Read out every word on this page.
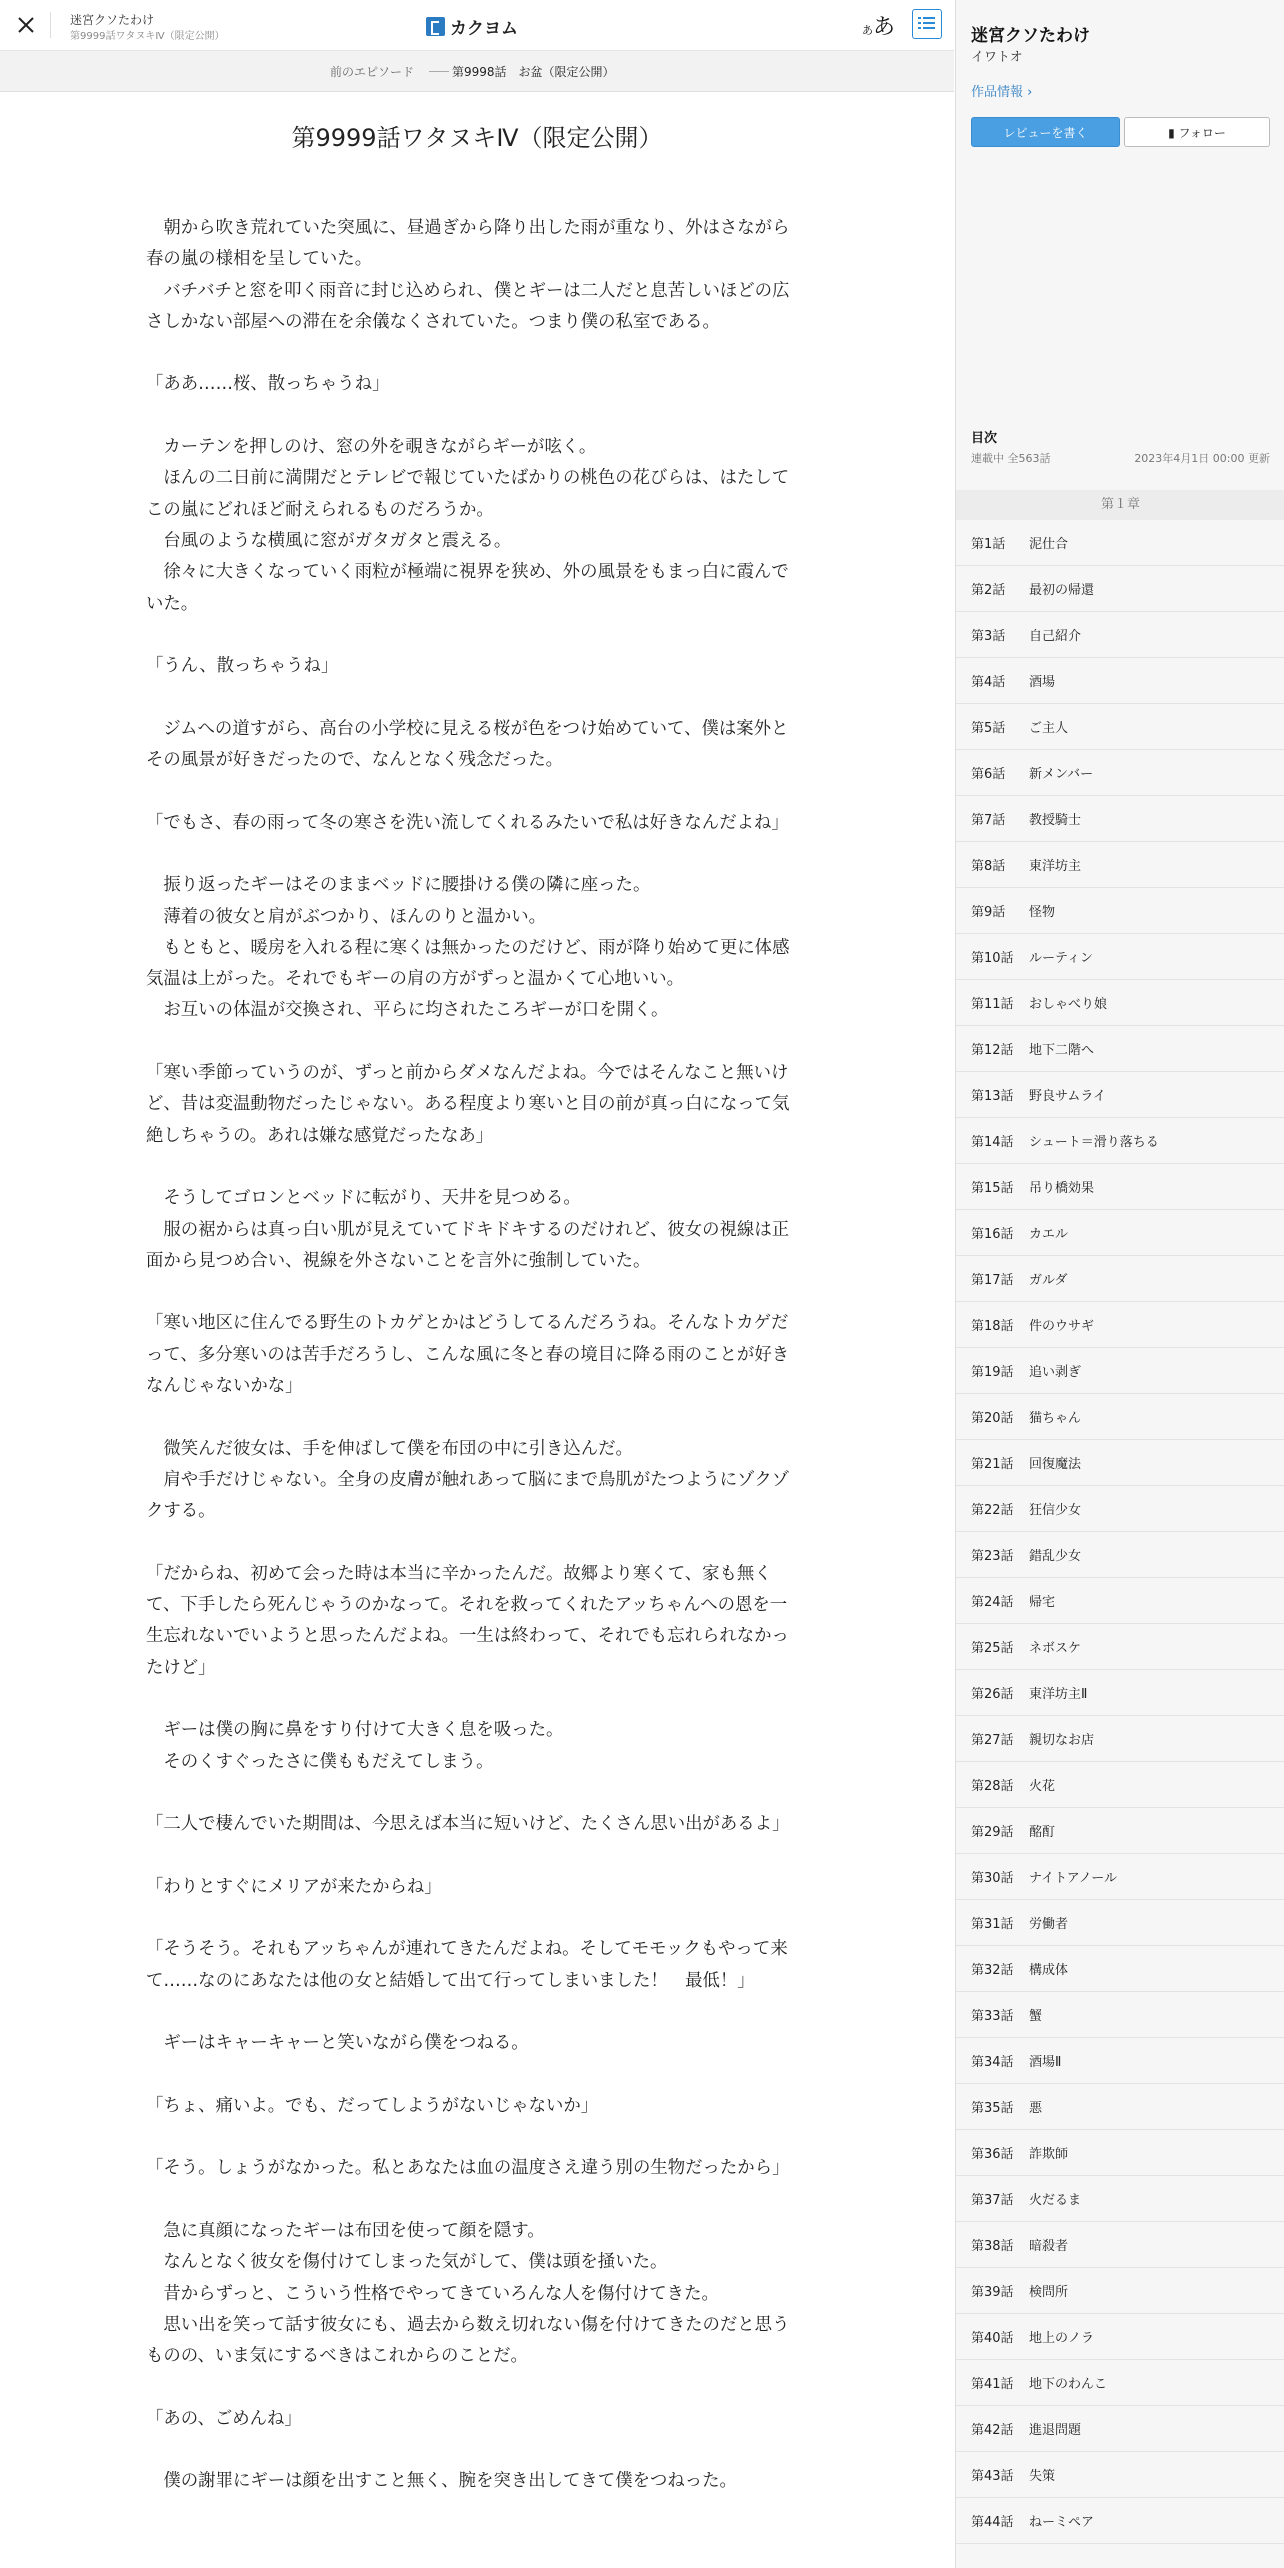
迷宮クソたわけ
第9999話ワタヌキⅣ（限定公開）	カクヨム	ああ
前のエピソード	第9998話　お盆（限定公開）
第9999話ワタヌキⅣ（限定公開）

　朝から吹き荒れていた突風に、昼過ぎから降り出した雨が重なり、外はさながら春の嵐の様相を呈していた。

　バチバチと窓を叩く雨音に封じ込められ、僕とギーは二人だと息苦しいほどの広さしかない部屋への滞在を余儀なくされていた。つまり僕の私室である。

「ああ……桜、散っちゃうね」

　カーテンを押しのけ、窓の外を覗きながらギーが呟く。

　ほんの二日前に満開だとテレビで報じていたばかりの桃色の花びらは、はたしてこの嵐にどれほど耐えられるものだろうか。

　台風のような横風に窓がガタガタと震える。

　徐々に大きくなっていく雨粒が極端に視界を狭め、外の風景をもまっ白に霞んでいた。

「うん、散っちゃうね」

　ジムへの道すがら、高台の小学校に見える桜が色をつけ始めていて、僕は案外とその風景が好きだったので、なんとなく残念だった。

「でもさ、春の雨って冬の寒さを洗い流してくれるみたいで私は好きなんだよね」

　振り返ったギーはそのままベッドに腰掛ける僕の隣に座った。

　薄着の彼女と肩がぶつかり、ほんのりと温かい。

　もともと、暖房を入れる程に寒くは無かったのだけど、雨が降り始めて更に体感気温は上がった。それでもギーの肩の方がずっと温かくて心地いい。

　お互いの体温が交換され、平らに均されたころギーが口を開く。

「寒い季節っていうのが、ずっと前からダメなんだよね。今ではそんなこと無いけど、昔は変温動物だったじゃない。ある程度より寒いと目の前が真っ白になって気絶しちゃうの。あれは嫌な感覚だったなあ」

　そうしてゴロンとベッドに転がり、天井を見つめる。

　服の裾からは真っ白い肌が見えていてドキドキするのだけれど、彼女の視線は正面から見つめ合い、視線を外さないことを言外に強制していた。

「寒い地区に住んでる野生のトカゲとかはどうしてるんだろうね。そんなトカゲだって、多分寒いのは苦手だろうし、こんな風に冬と春の境目に降る雨のことが好きなんじゃないかな」

　微笑んだ彼女は、手を伸ばして僕を布団の中に引き込んだ。

　肩や手だけじゃない。全身の皮膚が触れあって脳にまで鳥肌がたつようにゾクゾクする。

「だからね、初めて会った時は本当に辛かったんだ。故郷より寒くて、家も無くて、下手したら死んじゃうのかなって。それを救ってくれたアッちゃんへの恩を一生忘れないでいようと思ったんだよね。一生は終わって、それでも忘れられなかったけど」

　ギーは僕の胸に鼻をすり付けて大きく息を吸った。

　そのくすぐったさに僕ももだえてしまう。

「二人で棲んでいた期間は、今思えば本当に短いけど、たくさん思い出があるよ」

「わりとすぐにメリアが来たからね」

「そうそう。それもアッちゃんが連れてきたんだよね。そしてモモックもやって来て……なのにあなたは他の女と結婚して出て行ってしまいました！　最低！」

　ギーはキャーキャーと笑いながら僕をつねる。

「ちょ、痛いよ。でも、だってしようがないじゃないか」

「そう。しょうがなかった。私とあなたは血の温度さえ違う別の生物だったから」

　急に真顔になったギーは布団を使って顔を隠す。

　なんとなく彼女を傷付けてしまった気がして、僕は頭を掻いた。

　昔からずっと、こういう性格でやってきていろんな人を傷付けてきた。

　思い出を笑って話す彼女にも、過去から数え切れない傷を付けてきたのだと思うものの、いま気にするべきはこれからのことだ。

「あの、ごめんね」

　僕の謝罪にギーは顔を出すこと無く、腕を突き出してきて僕をつねった。

迷宮クソたわけ
イワトオ
作品情報 ›
レビューを書く	▮ フォロー
目次
連載中 全563話	2023年4月1日 00:00 更新
第１章
第1話	泥仕合
第2話	最初の帰還
第3話	自己紹介
第4話	酒場
第5話	ご主人
第6話	新メンバー
第7話	教授騎士
第8話	東洋坊主
第9話	怪物
第10話	ルーティン
第11話	おしゃべり娘
第12話	地下二階へ
第13話	野良サムライ
第14話	シュート＝滑り落ちる
第15話	吊り橋効果
第16話	カエル
第17話	ガルダ
第18話	件のウサギ
第19話	追い剥ぎ
第20話	猫ちゃん
第21話	回復魔法
第22話	狂信少女
第23話	錯乱少女
第24話	帰宅
第25話	ネボスケ
第26話	東洋坊主Ⅱ
第27話	親切なお店
第28話	火花
第29話	酩酊
第30話	ナイトアノール
第31話	労働者
第32話	構成体
第33話	蟹
第34話	酒場Ⅱ
第35話	悪
第36話	詐欺師
第37話	火だるま
第38話	暗殺者
第39話	検問所
第40話	地上のノラ
第41話	地下のわんこ
第42話	進退問題
第43話	失策
第44話	ねーミペア
